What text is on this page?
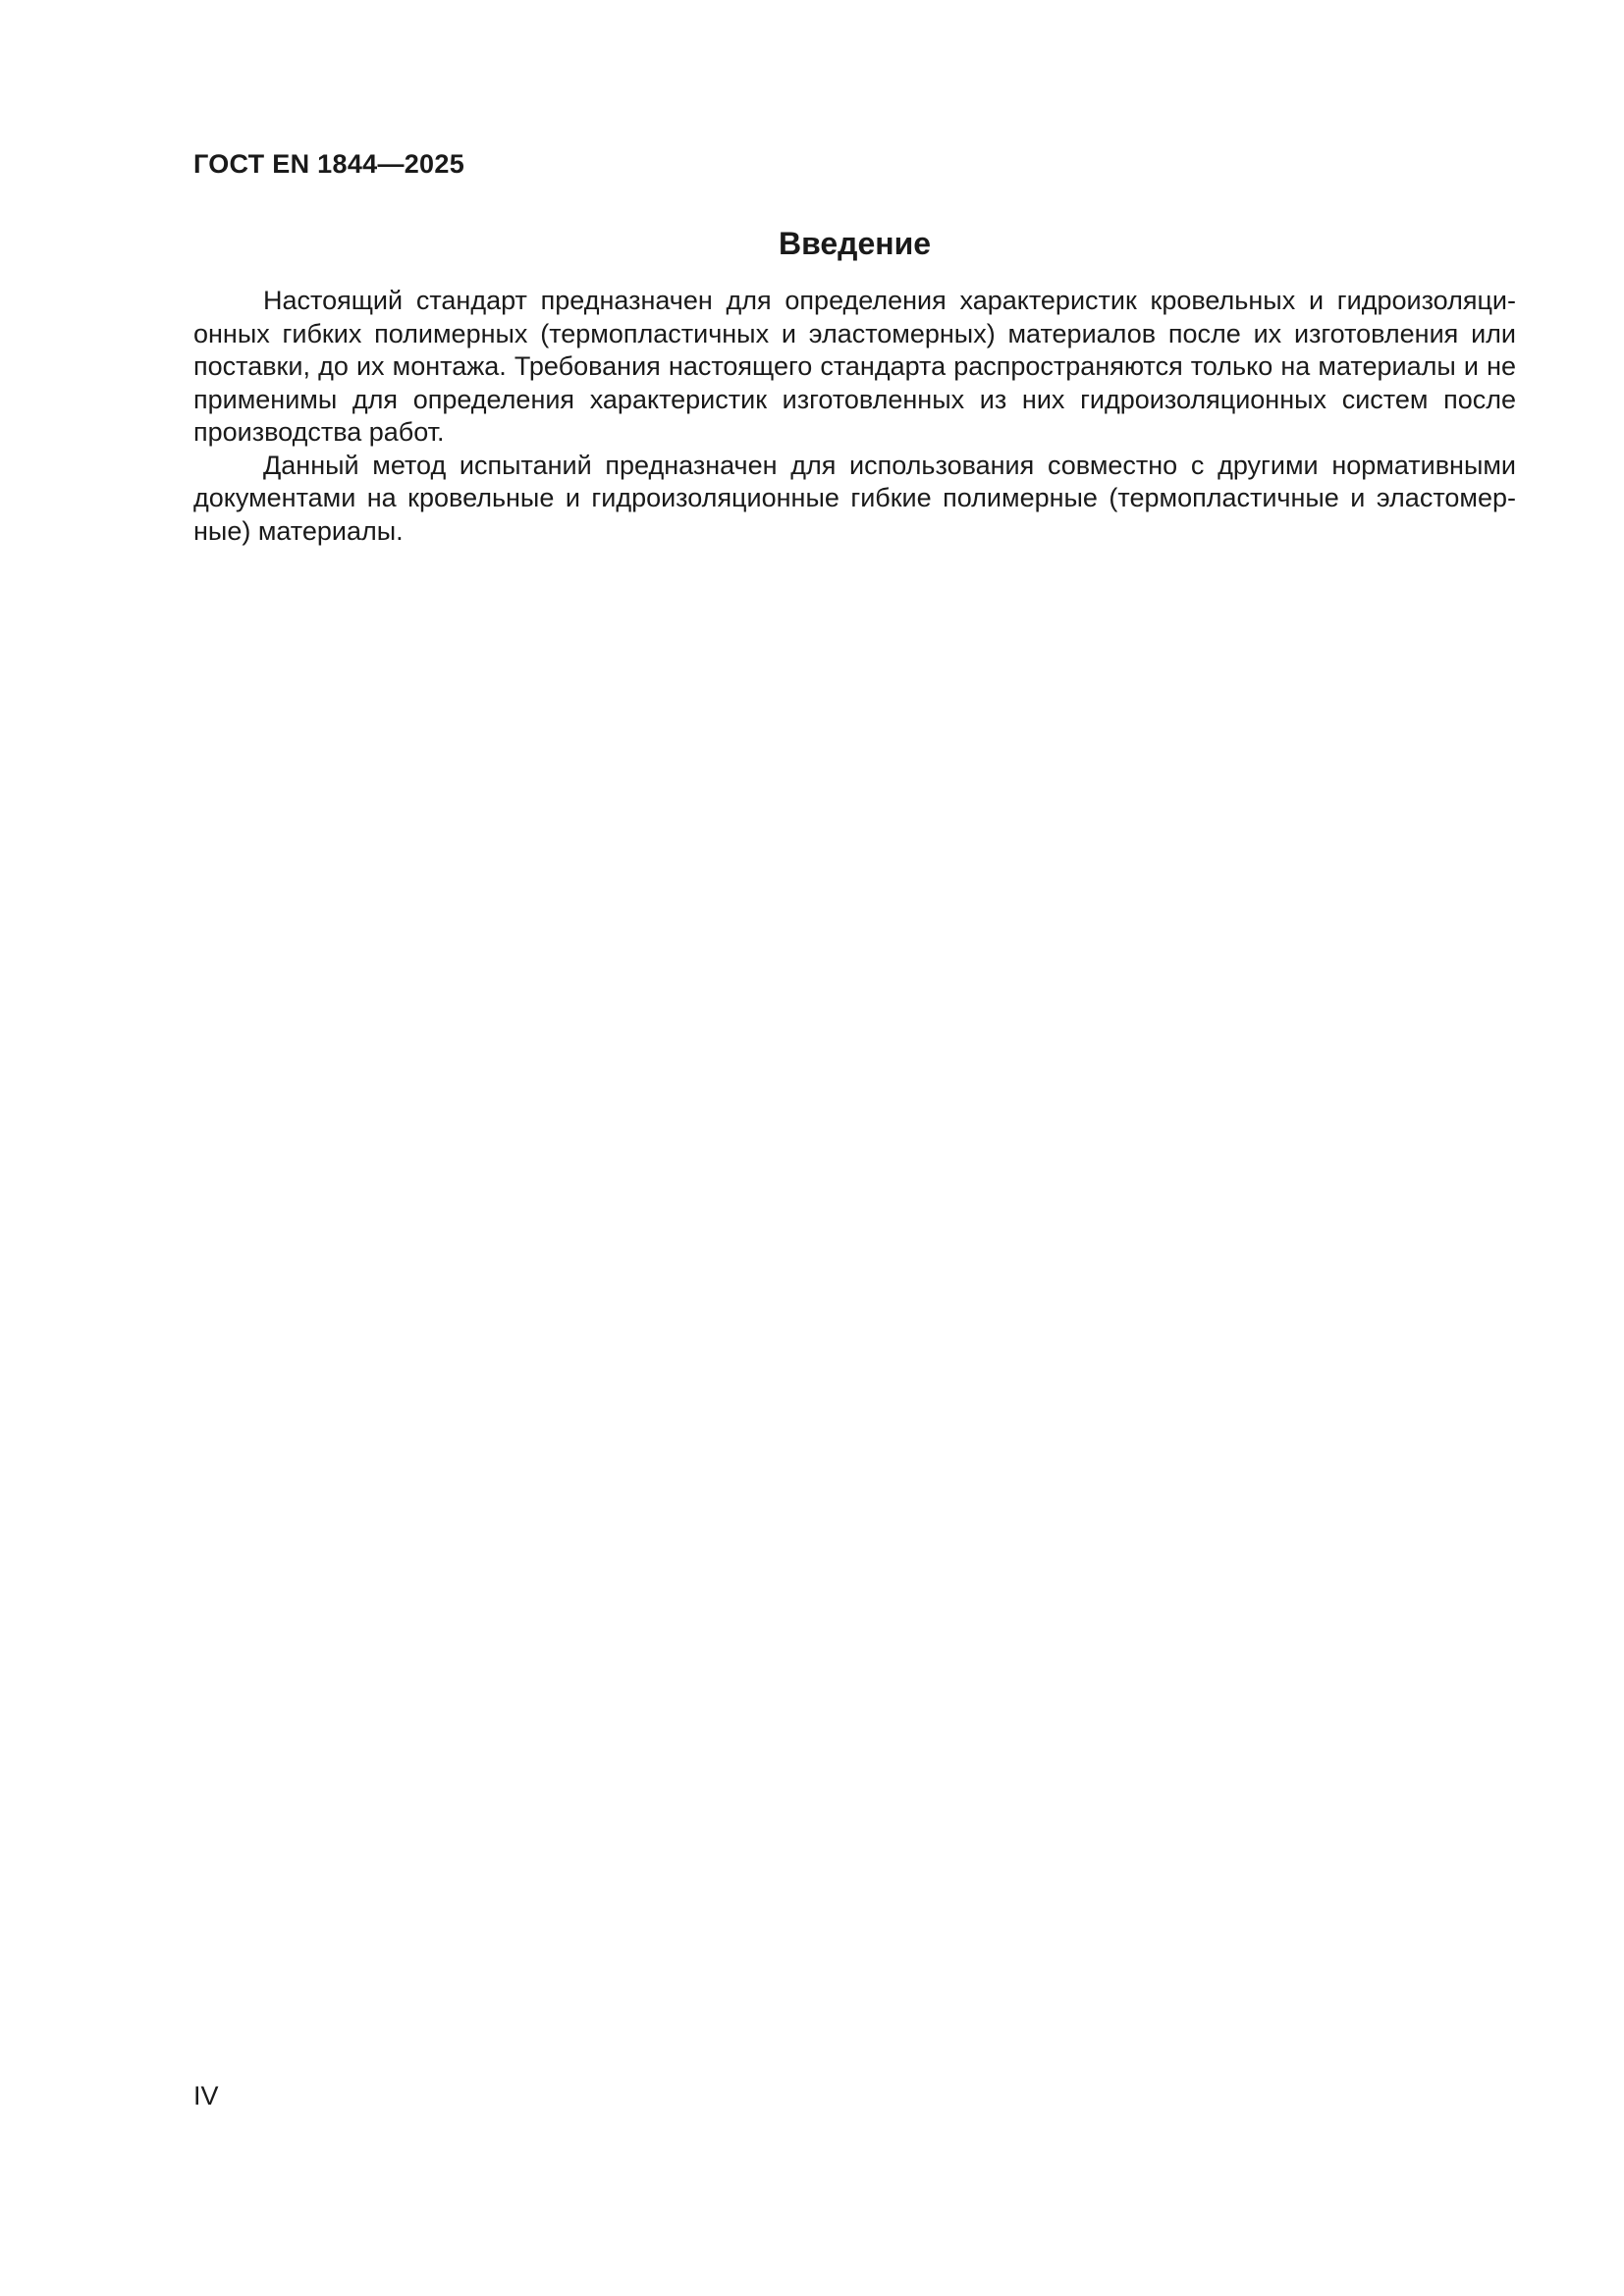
ГОСТ EN 1844—2025
Введение

Настоящий стандарт предназначен для определения характеристик кровельных и гидроизоляционных гибких полимерных (термопластичных и эластомерных) материалов после их изготовления или поставки, до их монтажа. Требования настоящего стандарта распространяются только на материалы и не применимы для определения характеристик изготовленных из них гидроизоляционных систем после производства работ.

Данный метод испытаний предназначен для использования совместно с другими нормативными документами на кровельные и гидроизоляционные гибкие полимерные (термопластичные и эластомерные) материалы.

IV
